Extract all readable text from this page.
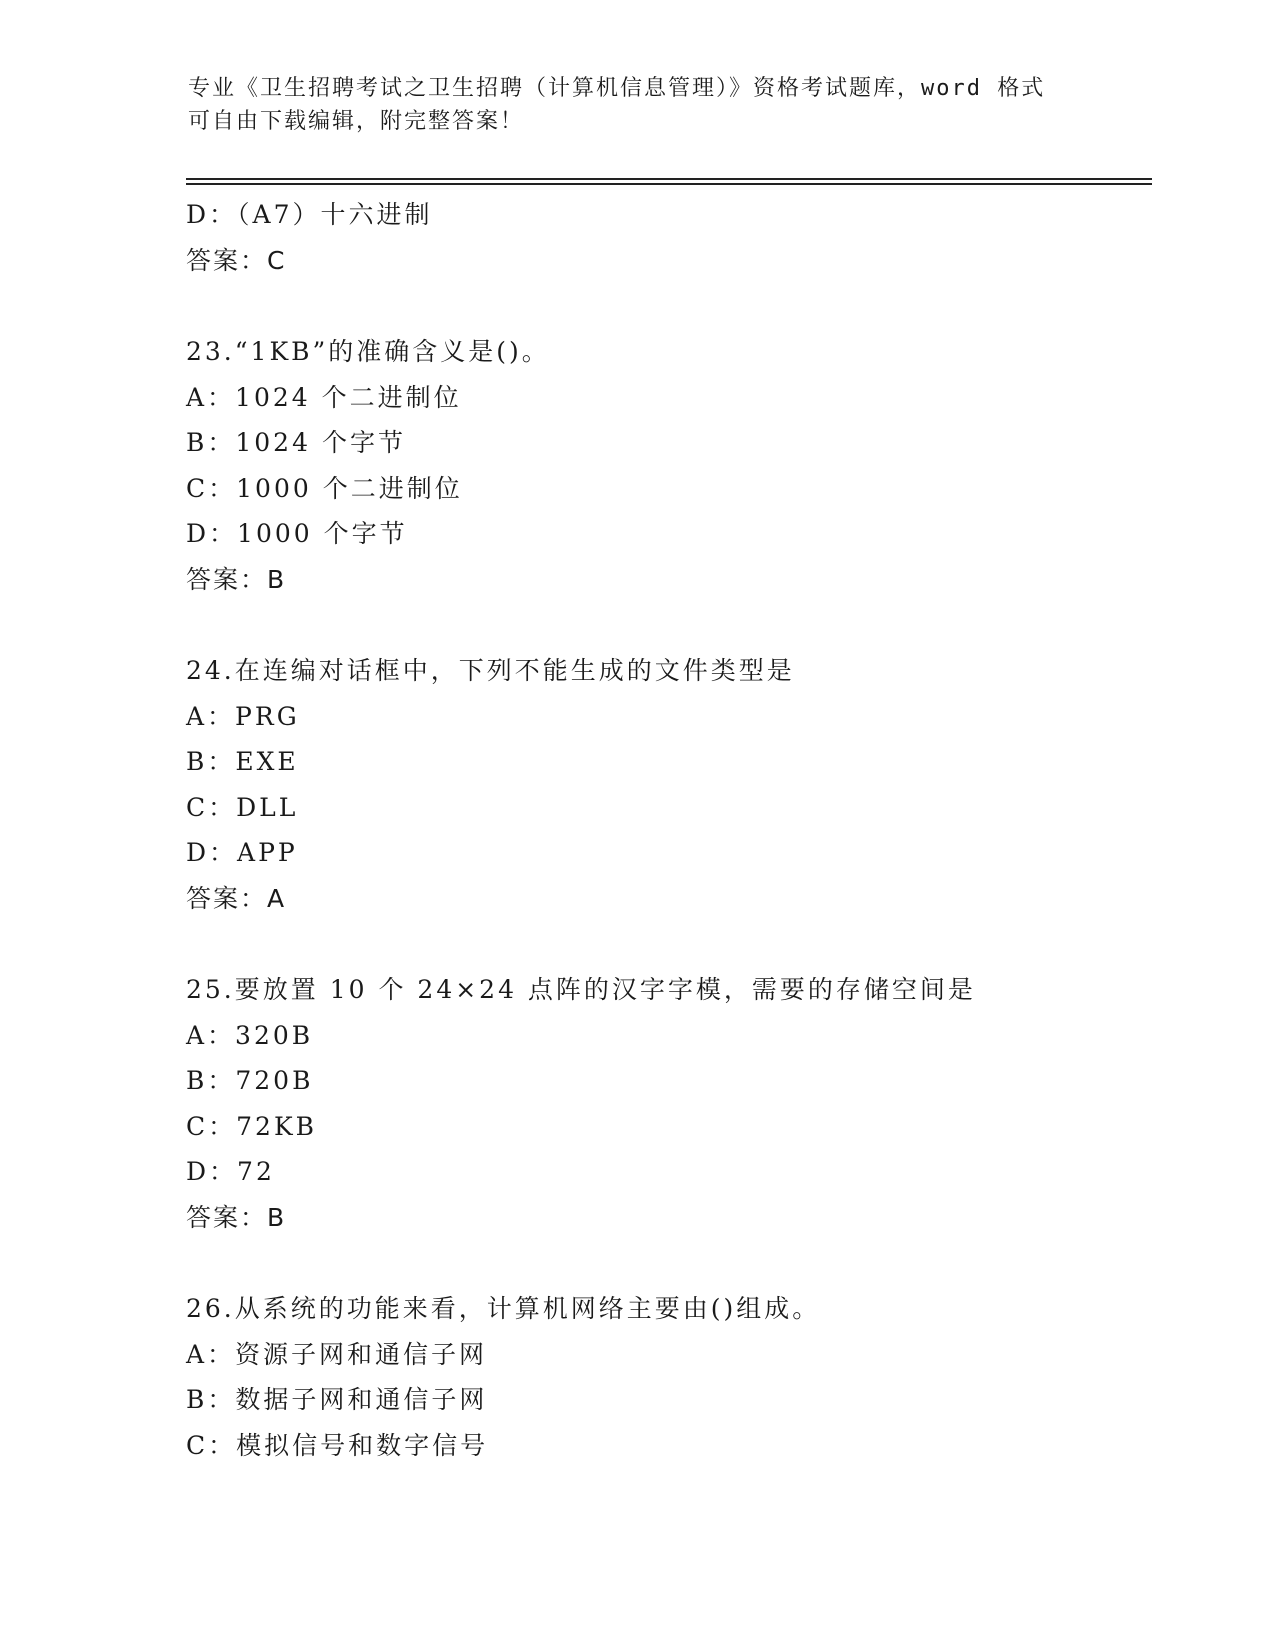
专业《卫生招聘考试之卫生招聘（计算机信息管理）》资格考试题库，word 格式
可自由下载编辑，附完整答案！
D：（A7）十六进制
答案：C
23.“1KB”的准确含义是()。
A：1024 个二进制位
B：1024 个字节
C：1000 个二进制位
D：1000 个字节
答案：B
24.在连编对话框中，下列不能生成的文件类型是
A：PRG
B：EXE
C：DLL
D：APP
答案：A
25.要放置 10 个 24×24 点阵的汉字字模，需要的存储空间是
A：320B
B：720B
C：72KB
D：72
答案：B
26.从系统的功能来看，计算机网络主要由()组成。
A：资源子网和通信子网
B：数据子网和通信子网
C：模拟信号和数字信号
